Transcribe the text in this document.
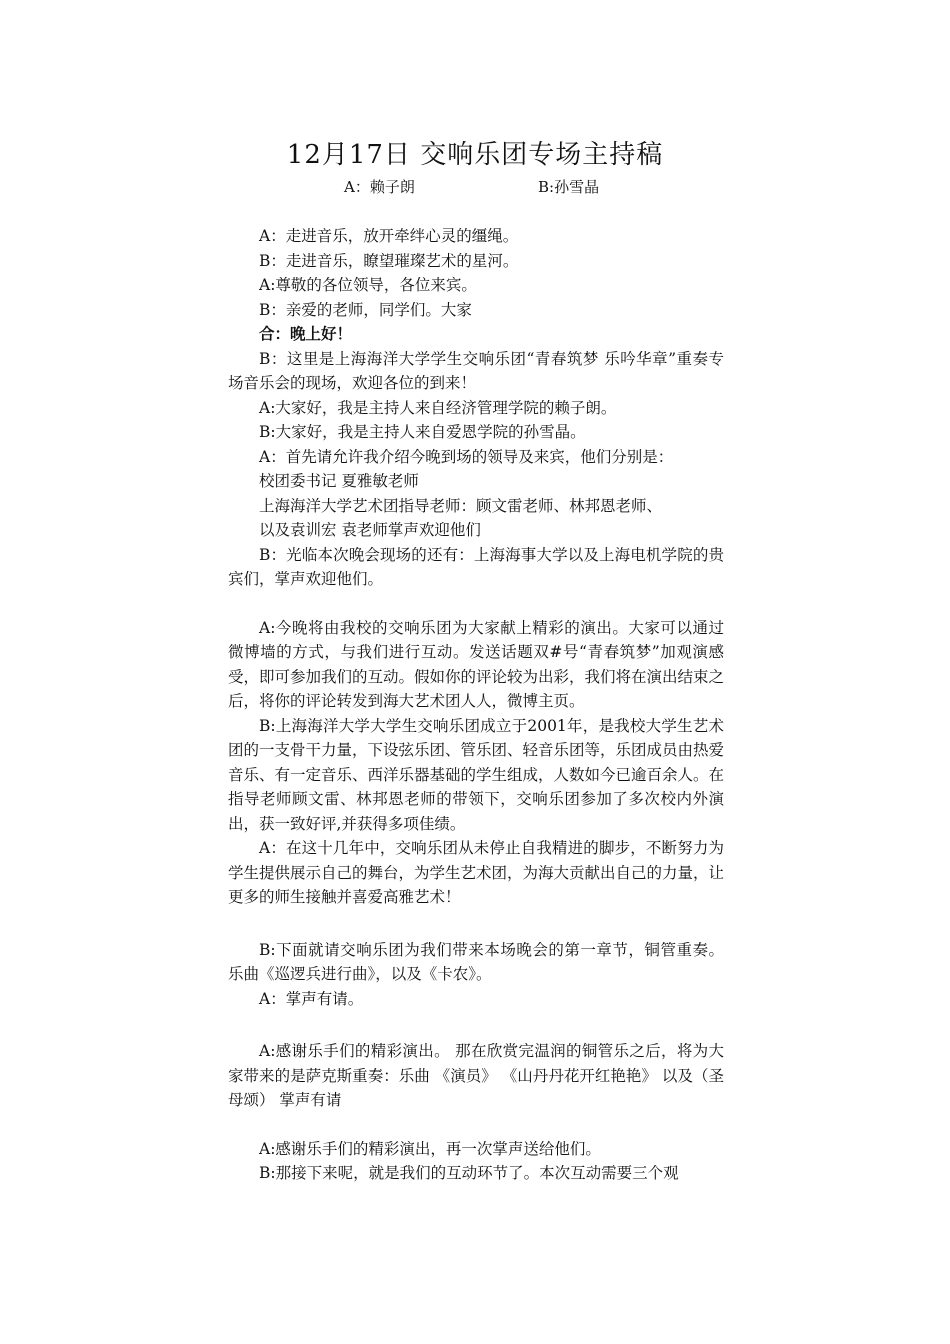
12月17日 交响乐团专场主持稿
A：赖子朗	B:孙雪晶

A：走进音乐，放开牵绊心灵的缰绳。

B：走进音乐，瞭望璀璨艺术的星河。

A:尊敬的各位领导，各位来宾。

B：亲爱的老师，同学们。大家

合：晚上好！

B：这里是上海海洋大学学生交响乐团“青春筑梦 乐吟华章”重奏专场音乐会的现场，欢迎各位的到来！

A:大家好，我是主持人来自经济管理学院的赖子朗。

B:大家好，我是主持人来自爱恩学院的孙雪晶。

A：首先请允许我介绍今晚到场的领导及来宾，他们分别是：

校团委书记 夏雅敏老师

上海海洋大学艺术团指导老师：顾文雷老师、林邦恩老师、

以及袁训宏 袁老师掌声欢迎他们

B：光临本次晚会现场的还有：上海海事大学以及上海电机学院的贵宾们，掌声欢迎他们。

A:今晚将由我校的交响乐团为大家献上精彩的演出。大家可以通过微博墙的方式，与我们进行互动。发送话题双#号“青春筑梦”加观演感受，即可参加我们的互动。假如你的评论较为出彩，我们将在演出结束之后，将你的评论转发到海大艺术团人人，微博主页。

B:上海海洋大学大学生交响乐团成立于2001年，是我校大学生艺术团的一支骨干力量，下设弦乐团、管乐团、轻音乐团等，乐团成员由热爱音乐、有一定音乐、西洋乐器基础的学生组成，人数如今已逾百余人。在指导老师顾文雷、林邦恩老师的带领下，交响乐团参加了多次校内外演出，获一致好评,并获得多项佳绩。

A：在这十几年中，交响乐团从未停止自我精进的脚步，不断努力为学生提供展示自己的舞台，为学生艺术团，为海大贡献出自己的力量，让更多的师生接触并喜爱高雅艺术！

B:下面就请交响乐团为我们带来本场晚会的第一章节，铜管重奏。乐曲《巡逻兵进行曲》，以及《卡农》。

A：掌声有请。

A:感谢乐手们的精彩演出。 那在欣赏完温润的铜管乐之后，将为大家带来的是萨克斯重奏：乐曲 《演员》 《山丹丹花开红艳艳》 以及（圣母颂） 掌声有请

A:感谢乐手们的精彩演出，再一次掌声送给他们。

B:那接下来呢，就是我们的互动环节了。本次互动需要三个观
